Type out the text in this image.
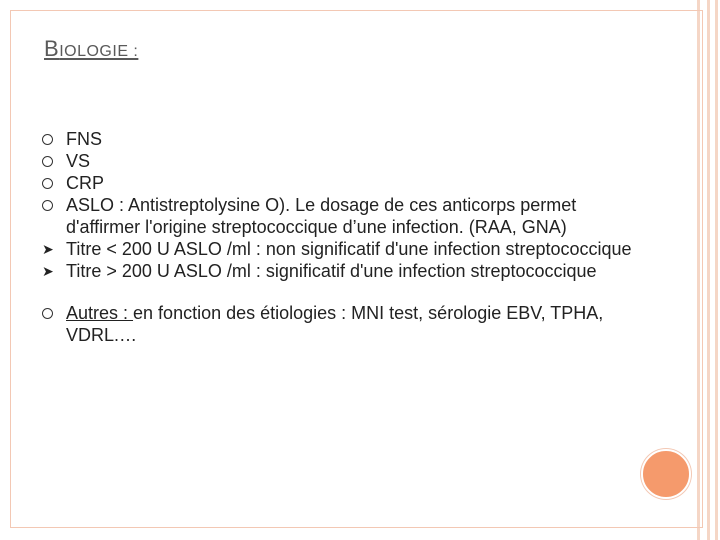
BIOLOGIE :
FNS
VS
CRP
ASLO : Antistreptolysine O). Le dosage de ces anticorps permet d'affirmer l'origine streptococcique d’une infection. (RAA, GNA)
➤ Titre < 200 U ASLO /ml : non significatif d'une infection streptococcique
➤ Titre > 200 U ASLO /ml : significatif d'une infection streptococcique
Autres : en fonction des étiologies : MNI test, sérologie EBV, TPHA, VDRL.…
